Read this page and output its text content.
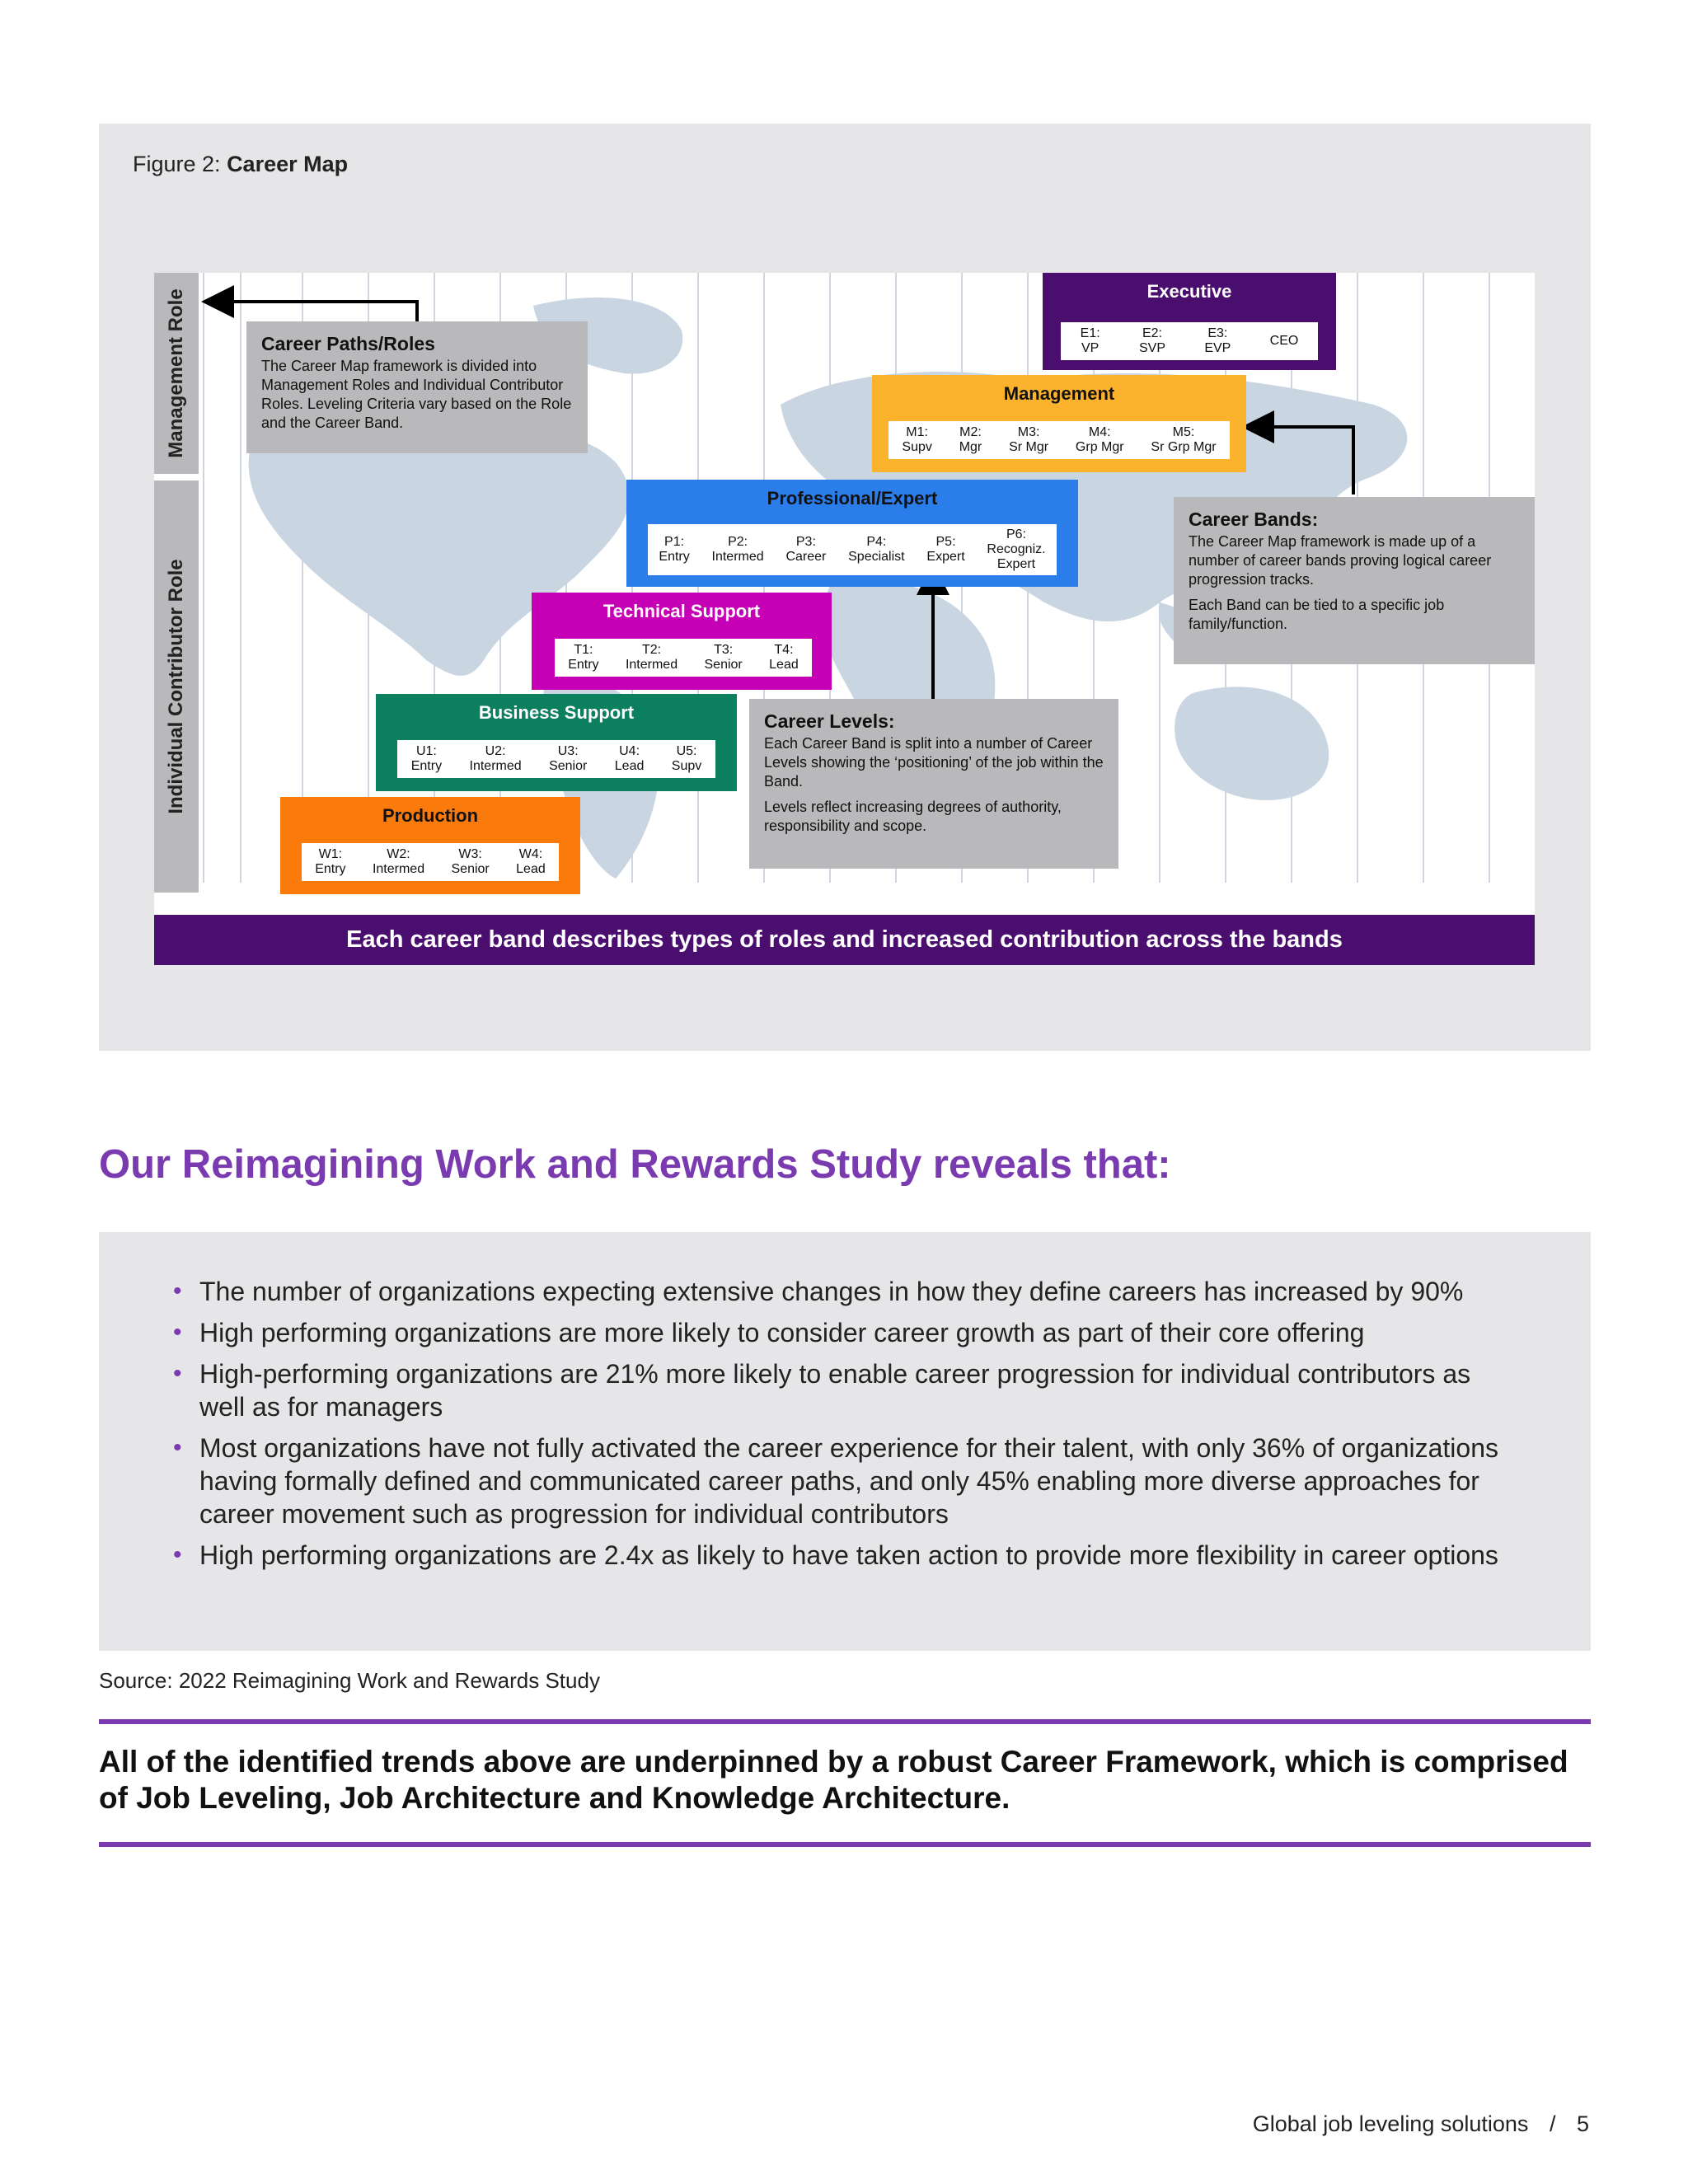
Figure 2: Career Map
Management Role
Individual Contributor Role
Executive
E1:
VP
E2:
SVP
E3:
EVP
CEO
Management
M1:
Supv
M2:
Mgr
M3:
Sr Mgr
M4:
Grp Mgr
M5:
Sr Grp Mgr
Professional/Expert
P1:
Entry
P2:
Intermed
P3:
Career
P4:
Specialist
P5:
Expert
P6:
Recogniz.
Expert
Technical Support
T1:
Entry
T2:
Intermed
T3:
Senior
T4:
Lead
Business Support
U1:
Entry
U2:
Intermed
U3:
Senior
U4:
Lead
U5:
Supv
Production
W1:
Entry
W2:
Intermed
W3:
Senior
W4:
Lead
Career Paths/Roles

The Career Map framework is divided into Management Roles and Individual Contributor Roles. Leveling Criteria vary based on the Role and the Career Band.

Career Bands:

The Career Map framework is made up of a number of career bands proving logical career progression tracks.

Each Band can be tied to a specific job family/function.

Career Levels:

Each Career Band is split into a number of Career Levels showing the ‘positioning’ of the job within the Band.

Levels reflect increasing degrees of authority, responsibility and scope.

Each career band describes types of roles and increased contribution across the bands
Our Reimagining Work and Rewards Study reveals that:
• The number of organizations expecting extensive changes in how they define careers has increased by 90%
• High performing organizations are more likely to consider career growth as part of their core offering
• High-performing organizations are 21% more likely to enable career progression for individual contributors as well as for managers
• Most organizations have not fully activated the career experience for their talent, with only 36% of organizations having formally defined and communicated career paths, and only 45% enabling more diverse approaches for career movement such as progression for individual contributors
• High performing organizations are 2.4x as likely to have taken action to provide more flexibility in career options
Source: 2022 Reimagining Work and Rewards Study
All of the identified trends above are underpinned by a robust Career Framework, which is comprised of Job Leveling, Job Architecture and Knowledge Architecture.
Global job leveling solutions / 5
